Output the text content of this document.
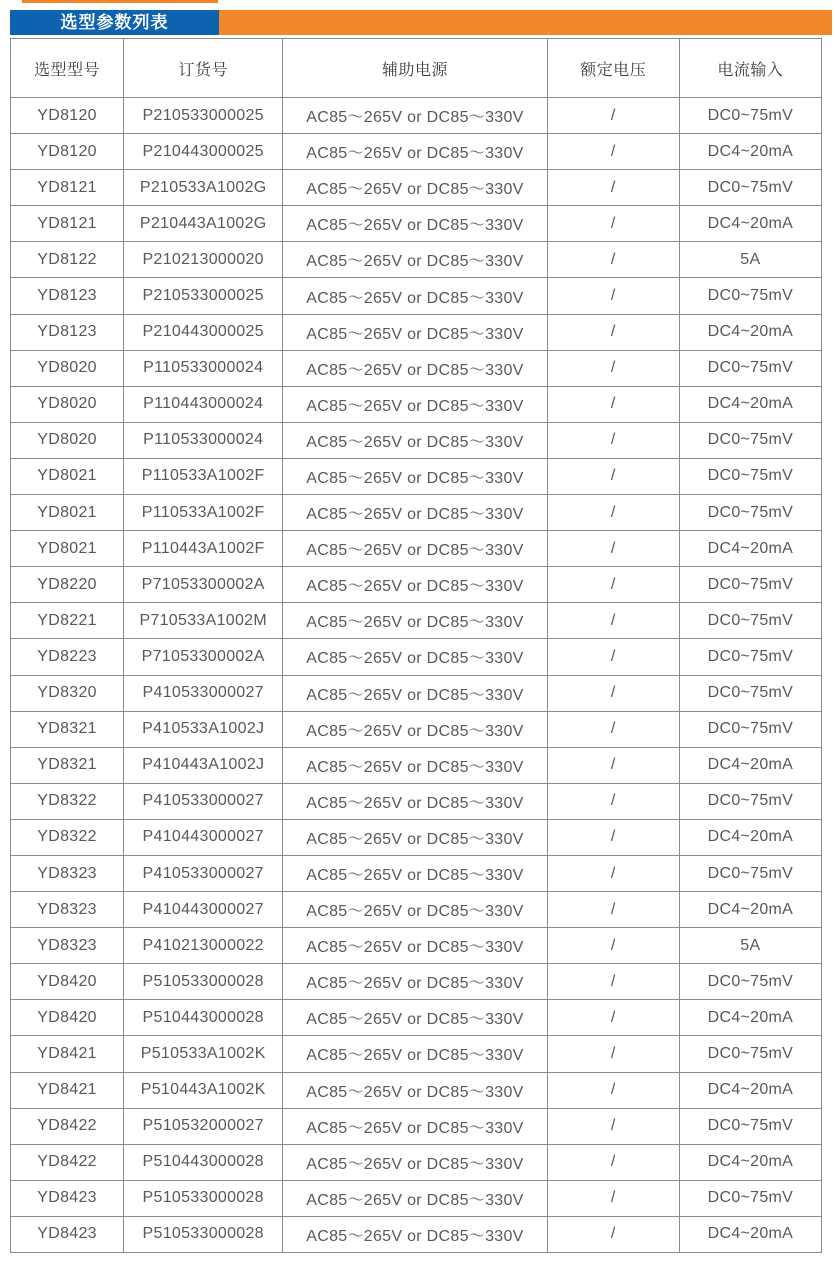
选型参数列表
选型型号	订货号	辅助电源	额定电压	电流输入
YD8120	P210533000025	AC85～265V or DC85～330V	/	DC0~75mV
YD8120	P210443000025	AC85～265V or DC85～330V	/	DC4~20mA
YD8121	P210533A1002G	AC85～265V or DC85～330V	/	DC0~75mV
YD8121	P210443A1002G	AC85～265V or DC85～330V	/	DC4~20mA
YD8122	P210213000020	AC85～265V or DC85～330V	/	5A
YD8123	P210533000025	AC85～265V or DC85～330V	/	DC0~75mV
YD8123	P210443000025	AC85～265V or DC85～330V	/	DC4~20mA
YD8020	P110533000024	AC85～265V or DC85～330V	/	DC0~75mV
YD8020	P110443000024	AC85～265V or DC85～330V	/	DC4~20mA
YD8020	P110533000024	AC85～265V or DC85～330V	/	DC0~75mV
YD8021	P110533A1002F	AC85～265V or DC85～330V	/	DC0~75mV
YD8021	P110533A1002F	AC85～265V or DC85～330V	/	DC0~75mV
YD8021	P110443A1002F	AC85～265V or DC85～330V	/	DC4~20mA
YD8220	P71053300002A	AC85～265V or DC85～330V	/	DC0~75mV
YD8221	P710533A1002M	AC85～265V or DC85～330V	/	DC0~75mV
YD8223	P71053300002A	AC85～265V or DC85～330V	/	DC0~75mV
YD8320	P410533000027	AC85～265V or DC85～330V	/	DC0~75mV
YD8321	P410533A1002J	AC85～265V or DC85～330V	/	DC0~75mV
YD8321	P410443A1002J	AC85～265V or DC85～330V	/	DC4~20mA
YD8322	P410533000027	AC85～265V or DC85～330V	/	DC0~75mV
YD8322	P410443000027	AC85～265V or DC85～330V	/	DC4~20mA
YD8323	P410533000027	AC85～265V or DC85～330V	/	DC0~75mV
YD8323	P410443000027	AC85～265V or DC85～330V	/	DC4~20mA
YD8323	P410213000022	AC85～265V or DC85～330V	/	5A
YD8420	P510533000028	AC85～265V or DC85～330V	/	DC0~75mV
YD8420	P510443000028	AC85～265V or DC85～330V	/	DC4~20mA
YD8421	P510533A1002K	AC85～265V or DC85～330V	/	DC0~75mV
YD8421	P510443A1002K	AC85～265V or DC85～330V	/	DC4~20mA
YD8422	P510532000027	AC85～265V or DC85～330V	/	DC0~75mV
YD8422	P510443000028	AC85～265V or DC85～330V	/	DC4~20mA
YD8423	P510533000028	AC85～265V or DC85～330V	/	DC0~75mV
YD8423	P510533000028	AC85～265V or DC85～330V	/	DC4~20mA
